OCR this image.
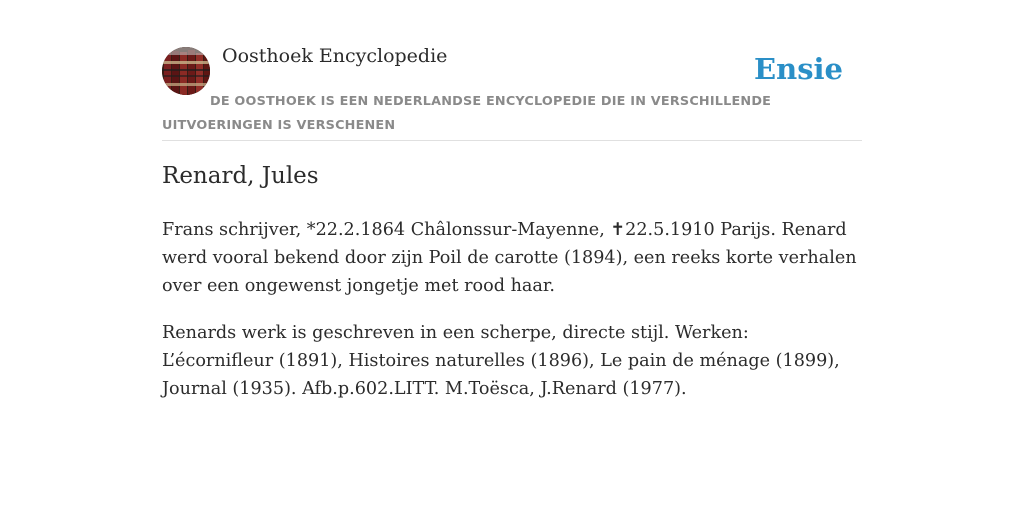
Oosthoek Encyclopedie	Ensie
DE OOSTHOEK IS EEN NEDERLANDSE ENCYCLOPEDIE DIE IN VERSCHILLENDE UITVOERINGEN IS VERSCHENEN
Renard, Jules

Frans schrijver, *22.2.1864 Châlonssur-Mayenne, ✝22.5.1910 Parijs. Renard werd vooral bekend door zijn Poil de carotte (1894), een reeks korte verhalen over een ongewenst jongetje met rood haar.

Renards werk is geschreven in een scherpe, directe stijl. Werken: L’écornifleur (1891), Histoires naturelles (1896), Le pain de ménage (1899), Journal (1935). Afb.p.602.LITT. M.Toësca, J.Renard (1977).
